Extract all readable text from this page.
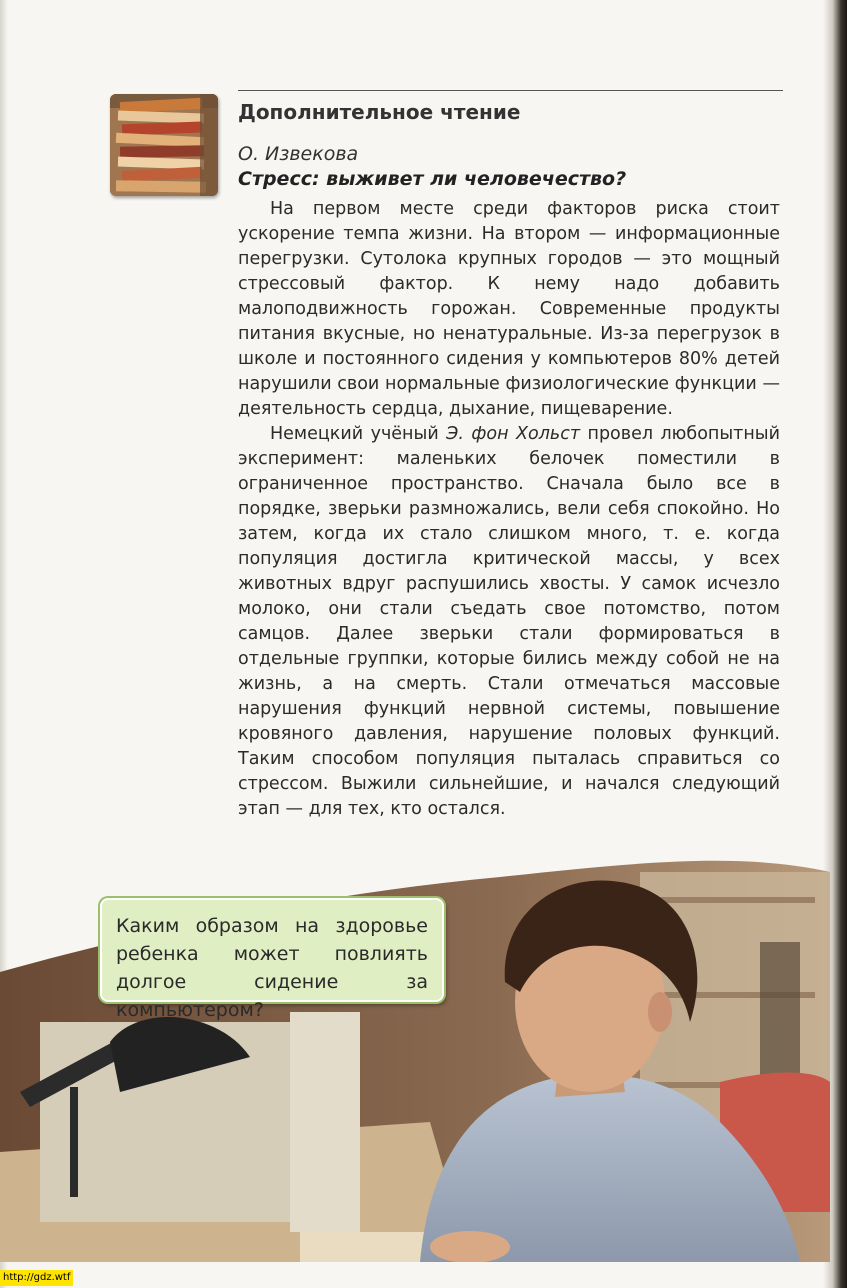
Дополнительное чтение
О. Извекова
Стресс: выживет ли человечество?

На первом месте среди факторов риска стоит ускорение темпа жизни. На втором — информационные перегрузки. Сутолока крупных городов — это мощный стрессовый фактор. К нему надо добавить малоподвижность горожан. Современные продукты питания вкусные, но ненатуральные. Из-за перегрузок в школе и постоянного сидения у компьютеров 80% детей нарушили свои нормальные физиологические функции — деятельность сердца, дыхание, пищеварение.

Немецкий учёный Э. фон Хольст провел любопытный эксперимент: маленьких белочек поместили в ограниченное пространство. Сначала было все в порядке, зверьки размножались, вели себя спокойно. Но затем, когда их стало слишком много, т. е. когда популяция достигла критической массы, у всех животных вдруг распушились хвосты. У самок исчезло молоко, они стали съедать свое потомство, потом самцов. Далее зверьки стали формироваться в отдельные группки, которые бились между собой не на жизнь, а на смерть. Стали отмечаться массовые нарушения функций нервной системы, повышение кровяного давления, нарушение половых функций. Таким способом популяция пыталась справиться со стрессом. Выжили сильнейшие, и начался следующий этап — для тех, кто остался.

Каким образом на здоровье ребенка может повлиять долгое сидение за компьютером?
http://gdz.wtf
